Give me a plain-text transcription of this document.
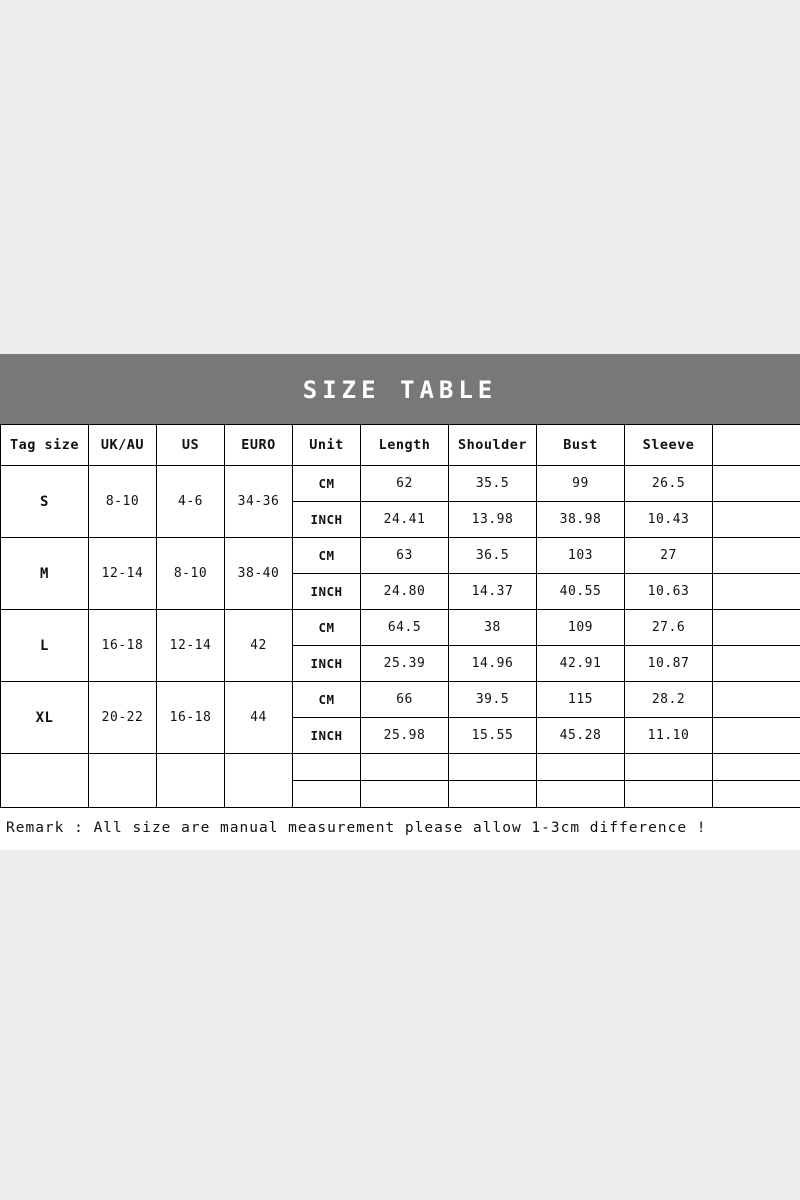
SIZE TABLE
Tag size	UK/AU	US	EURO	Unit	Length	Shoulder	Bust	Sleeve	
S	8-10	4-6	34-36	CM	62	35.5	99	26.5	
				INCH	24.41	13.98	38.98	10.43	
M	12-14	8-10	38-40	CM	63	36.5	103	27	
				INCH	24.80	14.37	40.55	10.63	
L	16-18	12-14	42	CM	64.5	38	109	27.6	
				INCH	25.39	14.96	42.91	10.87	
XL	20-22	16-18	44	CM	66	39.5	115	28.2	
				INCH	25.98	15.55	45.28	11.10	

Remark : All size are manual measurement please allow 1-3cm difference !
